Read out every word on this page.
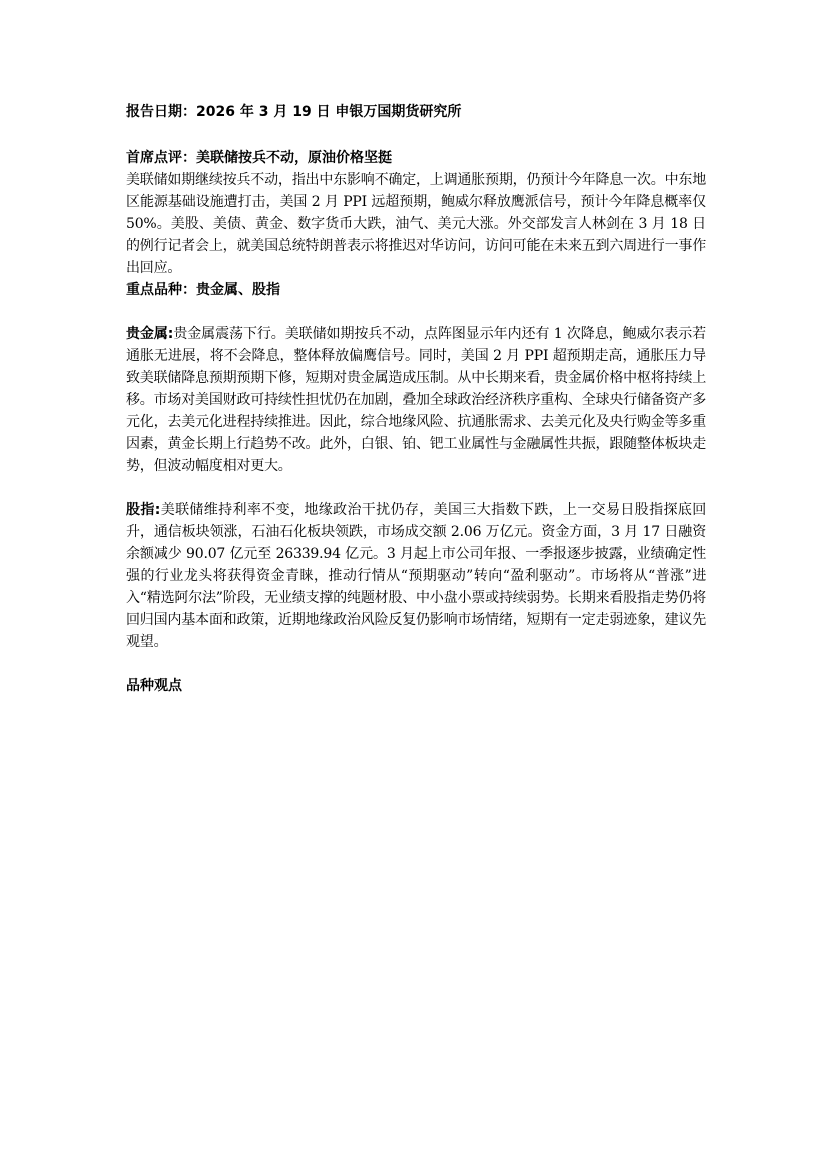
报告日期：2026 年 3 月 19 日 申银万国期货研究所

首席点评：美联储按兵不动，原油价格坚挺

美联储如期继续按兵不动，指出中东影响不确定，上调通胀预期，仍预计今年降息一次。中东地区能源基础设施遭打击，美国 2 月 PPI 远超预期，鲍威尔释放鹰派信号，预计今年降息概率仅 50%。美股、美债、黄金、数字货币大跌，油气、美元大涨。外交部发言人林剑在 3 月 18 日的例行记者会上，就美国总统特朗普表示将推迟对华访问，访问可能在未来五到六周进行一事作出回应。

重点品种：贵金属、股指

贵金属:贵金属震荡下行。美联储如期按兵不动，点阵图显示年内还有 1 次降息，鲍威尔表示若通胀无进展，将不会降息，整体释放偏鹰信号。同时，美国 2 月 PPI 超预期走高，通胀压力导致美联储降息预期预期下修，短期对贵金属造成压制。从中长期来看，贵金属价格中枢将持续上移。市场对美国财政可持续性担忧仍在加剧，叠加全球政治经济秩序重构、全球央行储备资产多元化，去美元化进程持续推进。因此，综合地缘风险、抗通胀需求、去美元化及央行购金等多重因素，黄金长期上行趋势不改。此外，白银、铂、钯工业属性与金融属性共振，跟随整体板块走势，但波动幅度相对更大。

股指:美联储维持利率不变，地缘政治干扰仍存，美国三大指数下跌，上一交易日股指探底回升，通信板块领涨，石油石化板块领跌，市场成交额 2.06 万亿元。资金方面，3 月 17 日融资余额减少 90.07 亿元至 26339.94 亿元。3 月起上市公司年报、一季报逐步披露，业绩确定性强的行业龙头将获得资金青睐，推动行情从“预期驱动”转向“盈利驱动”。市场将从“普涨”进入“精选阿尔法”阶段，无业绩支撑的纯题材股、中小盘小票或持续弱势。长期来看股指走势仍将回归国内基本面和政策，近期地缘政治风险反复仍影响市场情绪，短期有一定走弱迹象，建议先观望。

品种观点
